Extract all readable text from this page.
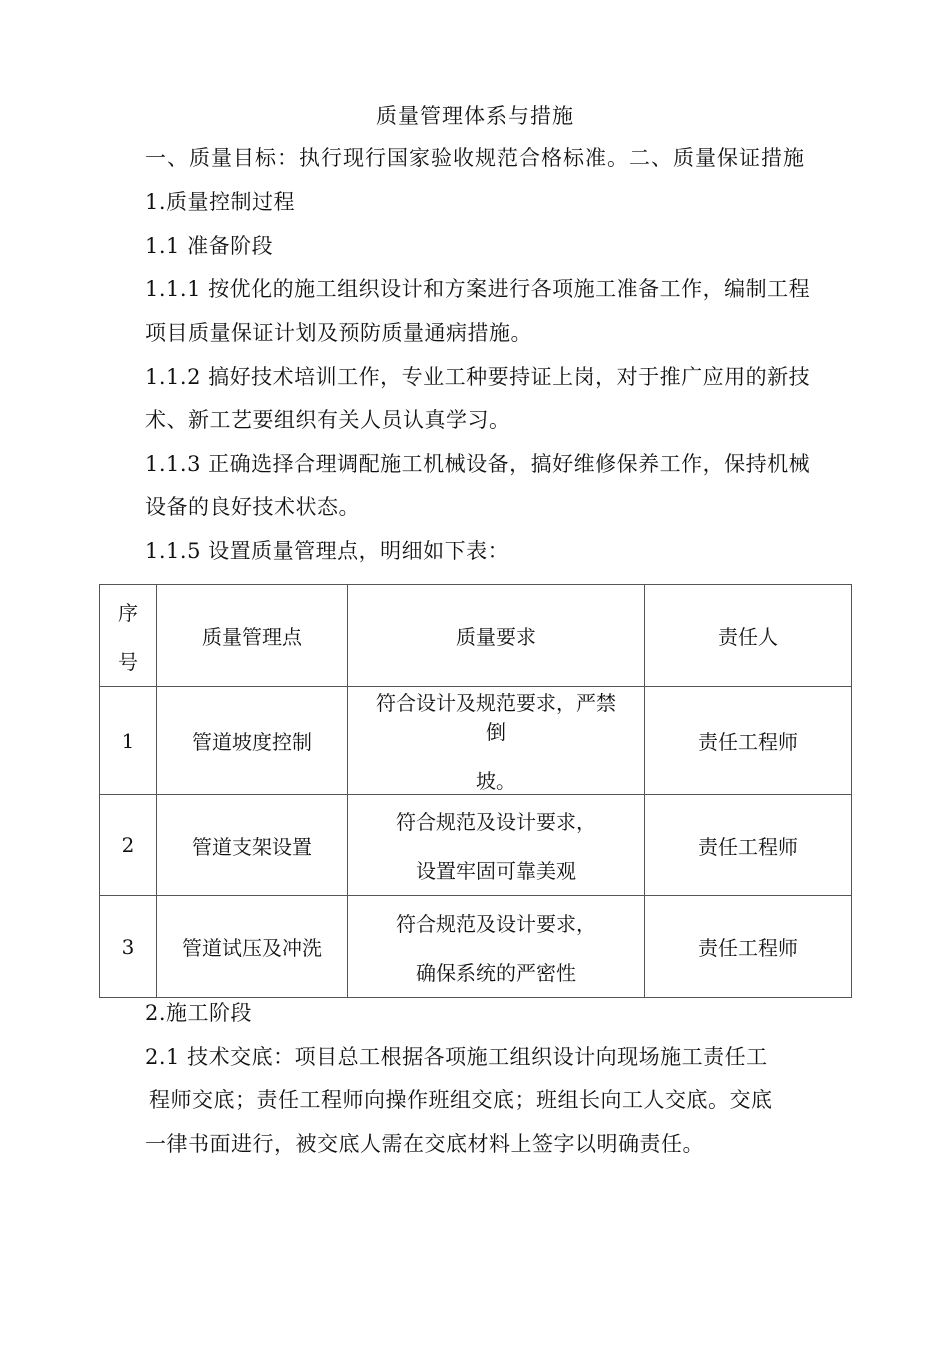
质量管理体系与措施
一、质量目标：执行现行国家验收规范合格标准。二、质量保证措施
1.质量控制过程
1.1 准备阶段
1.1.1 按优化的施工组织设计和方案进行各项施工准备工作，编制工程
项目质量保证计划及预防质量通病措施。
1.1.2 搞好技术培训工作，专业工种要持证上岗，对于推广应用的新技
术、新工艺要组织有关人员认真学习。
1.1.3 正确选择合理调配施工机械设备，搞好维修保养工作，保持机械
设备的良好技术状态。
1.1.5 设置质量管理点，明细如下表：
序
号	质量管理点	质量要求	责任人
1	管道坡度控制	符合设计及规范要求，严禁
倒
坡。	责任工程师
2	管道支架设置	符合规范及设计要求，
设置牢固可靠美观	责任工程师
3	管道试压及冲洗	符合规范及设计要求，
确保系统的严密性	责任工程师
2.施工阶段
2.1 技术交底：项目总工根据各项施工组织设计向现场施工责任工
程师交底；责任工程师向操作班组交底；班组长向工人交底。交底
一律书面进行，被交底人需在交底材料上签字以明确责任。
